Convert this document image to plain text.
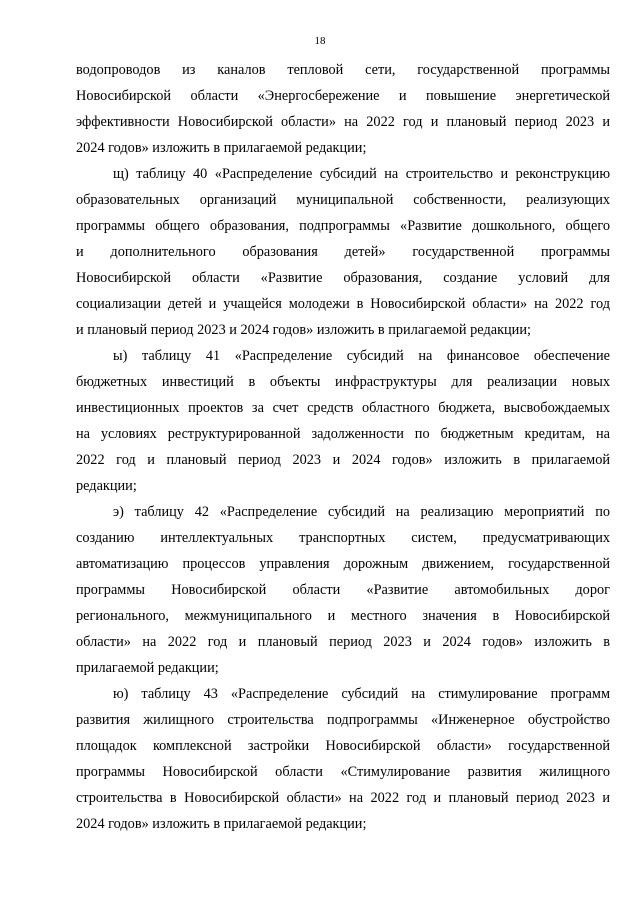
18
водопроводов из каналов тепловой сети, государственной программы
Новосибирской области «Энергосбережение и повышение энергетической
эффективности Новосибирской области» на 2022 год и плановый период 2023 и
2024 годов» изложить в прилагаемой редакции;
щ) таблицу 40 «Распределение субсидий на строительство и реконструкцию
образовательных организаций муниципальной собственности, реализующих
программы общего образования, подпрограммы «Развитие дошкольного, общего
и дополнительного образования детей» государственной программы
Новосибирской области «Развитие образования, создание условий для
социализации детей и учащейся молодежи в Новосибирской области» на 2022 год
и плановый период 2023 и 2024 годов» изложить в прилагаемой редакции;
ы) таблицу 41 «Распределение субсидий на финансовое обеспечение
бюджетных инвестиций в объекты инфраструктуры для реализации новых
инвестиционных проектов за счет средств областного бюджета, высвобождаемых
на условиях реструктурированной задолженности по бюджетным кредитам, на
2022 год и плановый период 2023 и 2024 годов» изложить в прилагаемой
редакции;
э) таблицу 42 «Распределение субсидий на реализацию мероприятий по
созданию интеллектуальных транспортных систем, предусматривающих
автоматизацию процессов управления дорожным движением, государственной
программы Новосибирской области «Развитие автомобильных дорог
регионального, межмуниципального и местного значения в Новосибирской
области» на 2022 год и плановый период 2023 и 2024 годов» изложить в
прилагаемой редакции;
ю) таблицу 43 «Распределение субсидий на стимулирование программ
развития жилищного строительства подпрограммы «Инженерное обустройство
площадок комплексной застройки Новосибирской области» государственной
программы Новосибирской области «Стимулирование развития жилищного
строительства в Новосибирской области» на 2022 год и плановый период 2023 и
2024 годов» изложить в прилагаемой редакции;
